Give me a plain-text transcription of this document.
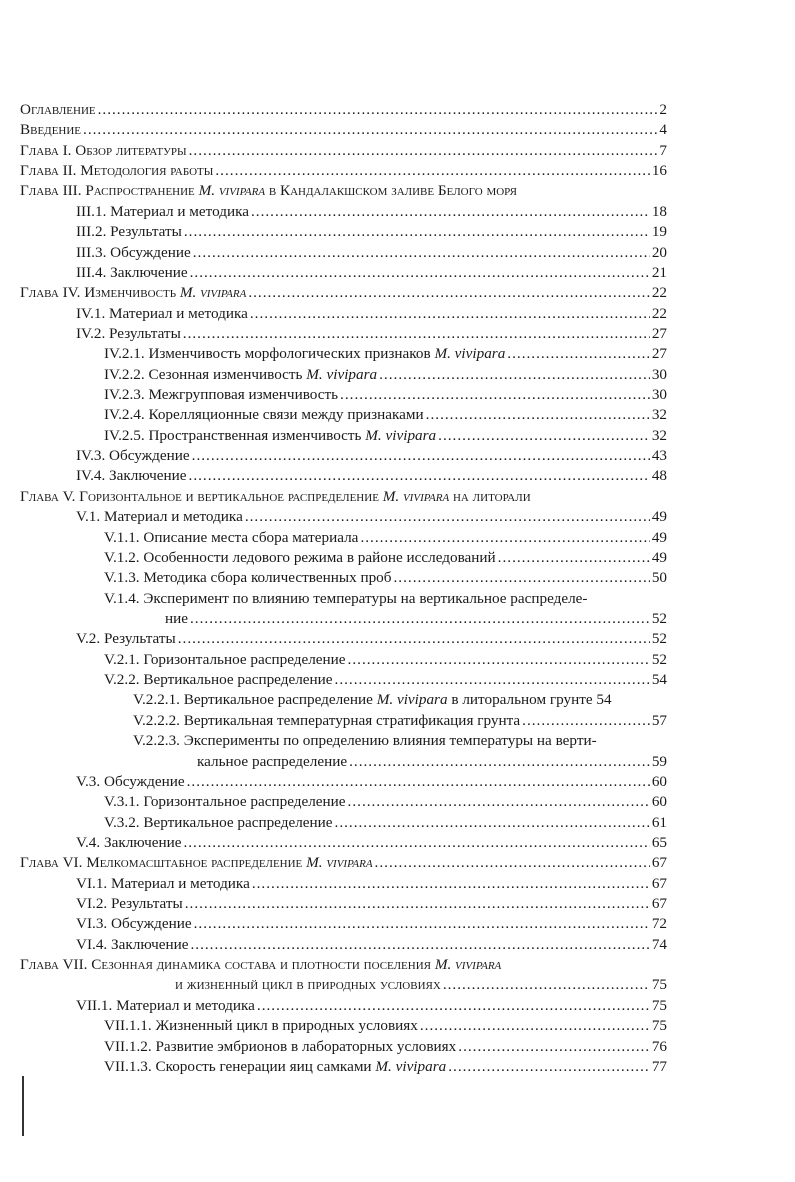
Оглавление .....	2
Введение .....	4
Глава I. Обзор литературы .....	7
Глава II. Методология работы .....	16
Глава III. Распространение M. vivipara в Кандалакшском заливе Белого моря
III.1. Материал и методика .....	18
III.2. Результаты .....	19
III.3. Обсуждение .....	20
III.4. Заключение .....	21
Глава IV. Изменчивость M. vivipara .....	22
IV.1. Материал и методика .....	22
IV.2. Результаты .....	27
IV.2.1. Изменчивость морфологических признаков M. vivipara .....	27
IV.2.2. Сезонная изменчивость M. vivipara .....	30
IV.2.3. Межгрупповая изменчивость .....	30
IV.2.4. Корелляционные связи между признаками .....	32
IV.2.5. Пространственная изменчивость M. vivipara .....	32
IV.3. Обсуждение .....	43
IV.4. Заключение .....	48
Глава V. Горизонтальное и вертикальное распределение M. vivipara на литорали
V.1. Материал и методика .....	49
V.1.1. Описание места сбора материала .....	49
V.1.2. Особенности ледового режима в районе исследований .....	49
V.1.3. Методика сбора количественных проб .....	50
V.1.4. Эксперимент по влиянию температуры на вертикальное распределе-
ние .....	52
V.2. Результаты .....	52
V.2.1. Горизонтальное распределение .....	52
V.2.2. Вертикальное распределение .....	54
V.2.2.1. Вертикальное распределение M. vivipara в литоральном грунте 54
V.2.2.2. Вертикальная температурная стратификация грунта .....	57
V.2.2.3. Эксперименты по определению влияния температуры на верти-
кальное распределение .....	59
V.3. Обсуждение .....	60
V.3.1. Горизонтальное распределение .....	60
V.3.2. Вертикальное распределение .....	61
V.4. Заключение .....	65
Глава VI. Мелкомасштабное распределение M. vivipara .....	67
VI.1. Материал и методика .....	67
VI.2. Результаты .....	67
VI.3. Обсуждение .....	72
VI.4. Заключение .....	74
Глава VII. Сезонная динамика состава и плотности поселения M. vivipara
и жизненный цикл в природных условиях .....	75
VII.1. Материал и методика .....	75
VII.1.1. Жизненный цикл в природных условиях .....	75
VII.1.2. Развитие эмбрионов в лабораторных условиях .....	76
VII.1.3. Скорость генерации яиц самками M. vivipara .....	77
